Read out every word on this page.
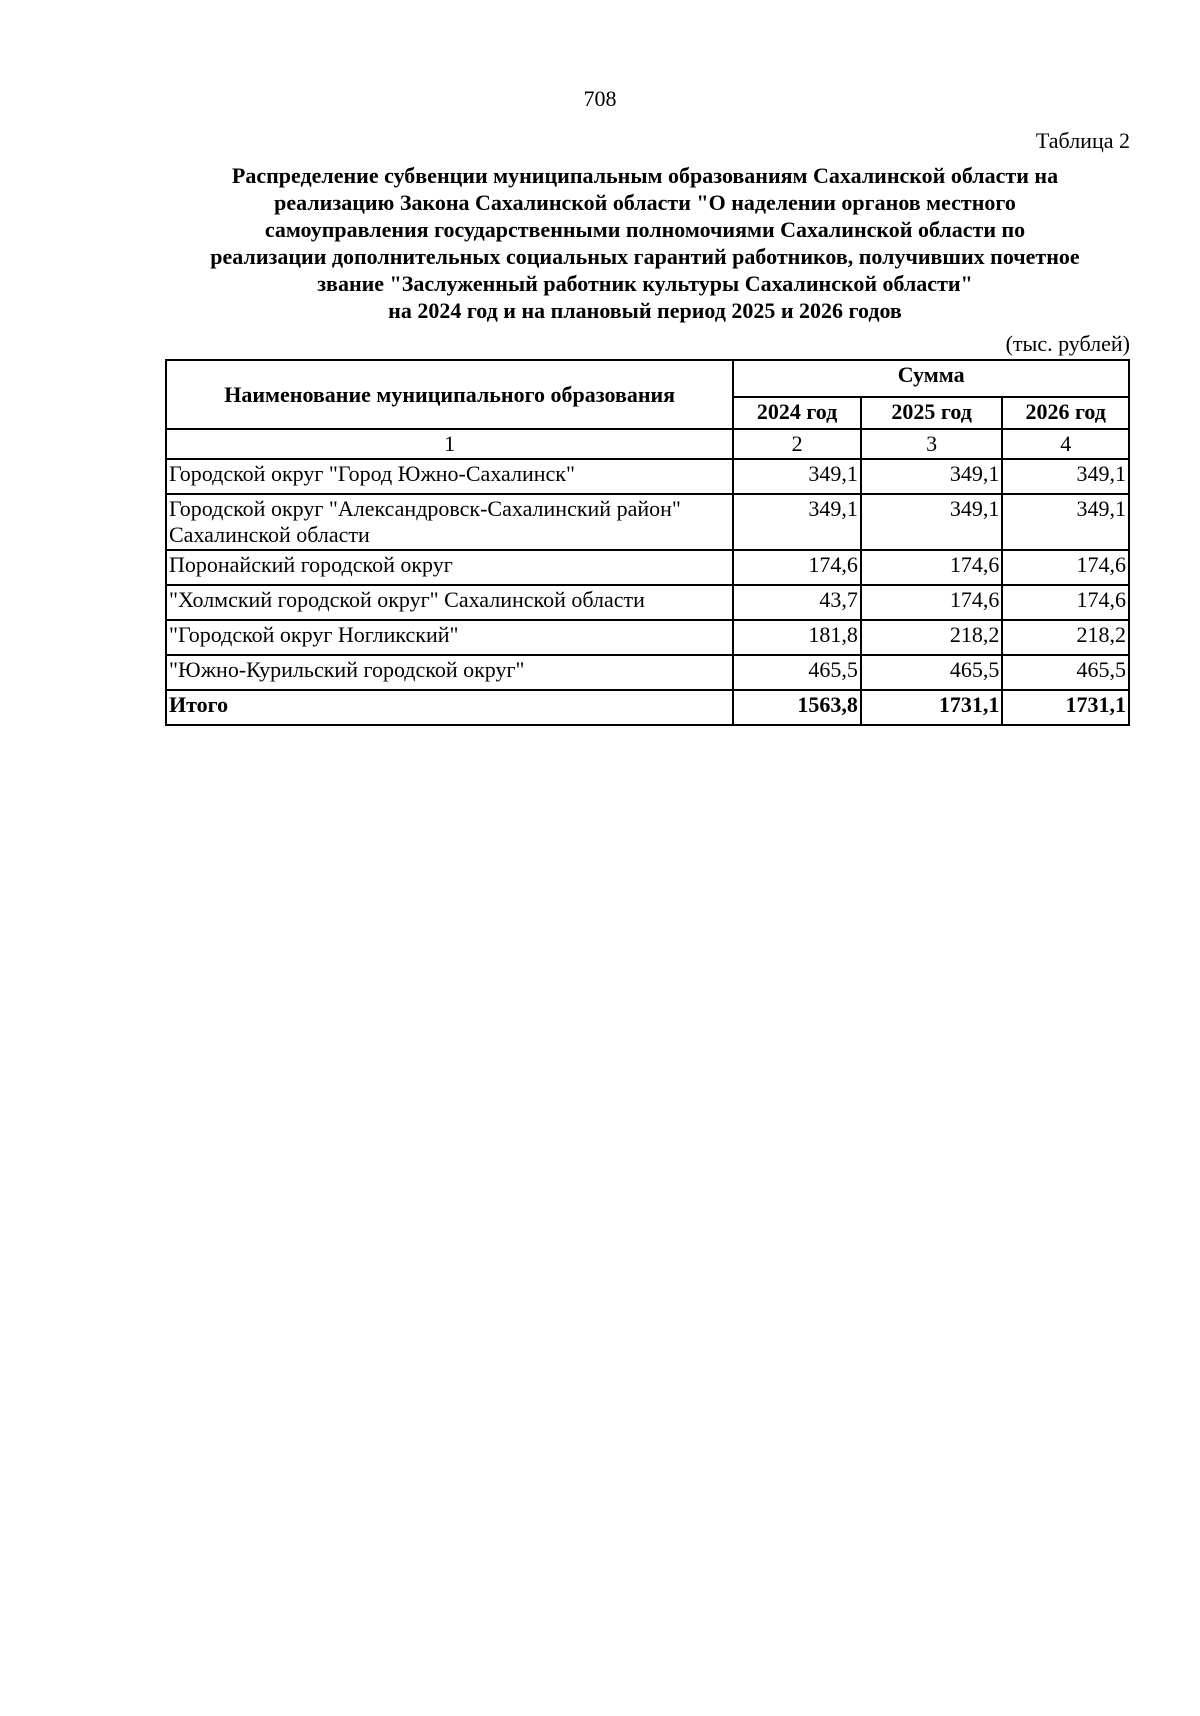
708
Таблица 2
Распределение субвенции муниципальным образованиям Сахалинской области на
реализацию Закона Сахалинской области "О наделении органов местного
самоуправления государственными полномочиями Сахалинской области по
реализации дополнительных социальных гарантий работников, получивших почетное
звание "Заслуженный работник культуры Сахалинской области"
на 2024 год и на плановый период 2025 и 2026 годов
(тыс. рублей)
Наименование муниципального образования	Сумма		
	2024 год	2025 год	2026 год
1	2	3	4
Городской округ "Город Южно-Сахалинск"	349,1	349,1	349,1

Городской округ "Александровск-Сахалинский район"
Сахалинской области	349,1	349,1	349,1
Поронайский городской округ	174,6	174,6	174,6
"Холмский городской округ" Сахалинской области	43,7	174,6	174,6
"Городской округ Ногликский"	181,8	218,2	218,2
"Южно-Курильский городской округ"	465,5	465,5	465,5
Итого	1563,8	1731,1	1731,1
